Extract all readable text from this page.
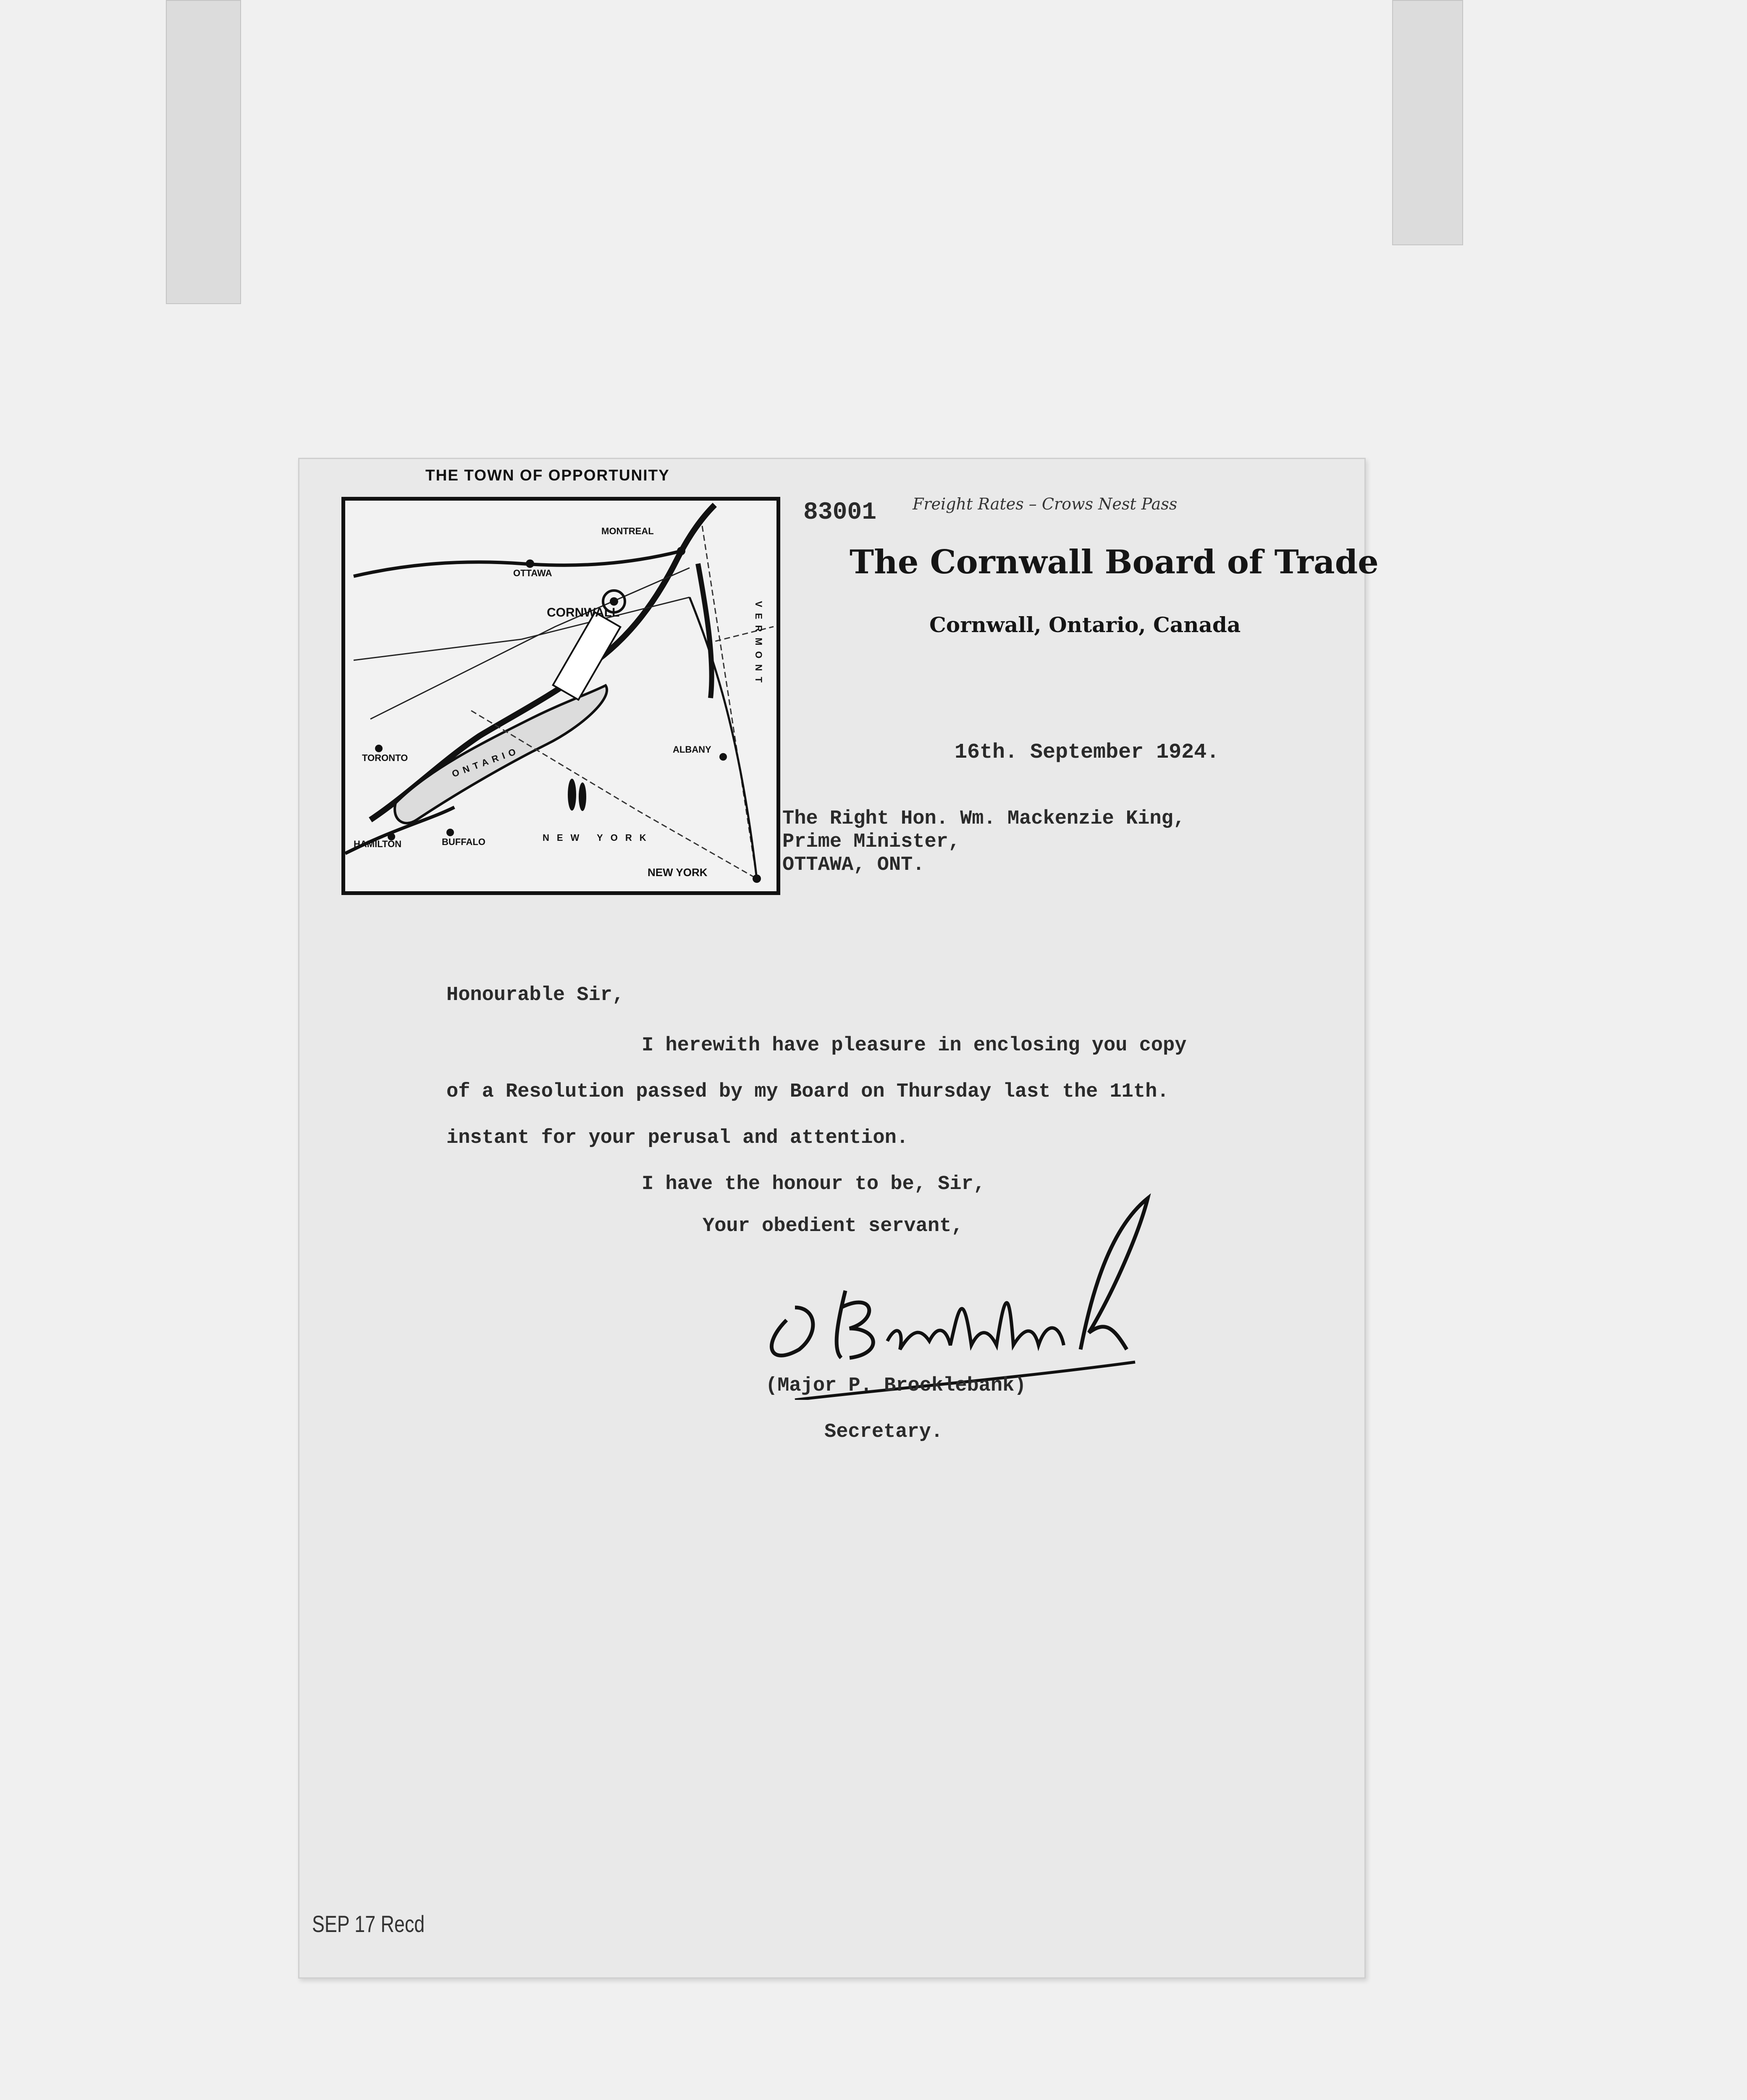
THE TOWN OF OPPORTUNITY
MONTREAL
OTTAWA
CORNWALL
TORONTO
HAMILTON	BUFFALO
ALBANY
NEW YORK
NEW YORK
VERMONT
ONTARIO
83001 Freight Rates – Crows Nest Pass
The Cornwall Board of Trade
Cornwall, Ontario, Canada
16th. September 1924.
The Right Hon. Wm. Mackenzie King,
Prime Minister,
OTTAWA, ONT.
Honourable Sir,
I herewith have pleasure in enclosing you copy
of a Resolution passed by my Board on Thursday last the 11th.
instant for your perusal and attention.
I have the honour to be, Sir,
Your obedient servant,
(Major P. Brocklebank)
Secretary.
SEP 17 Recd
